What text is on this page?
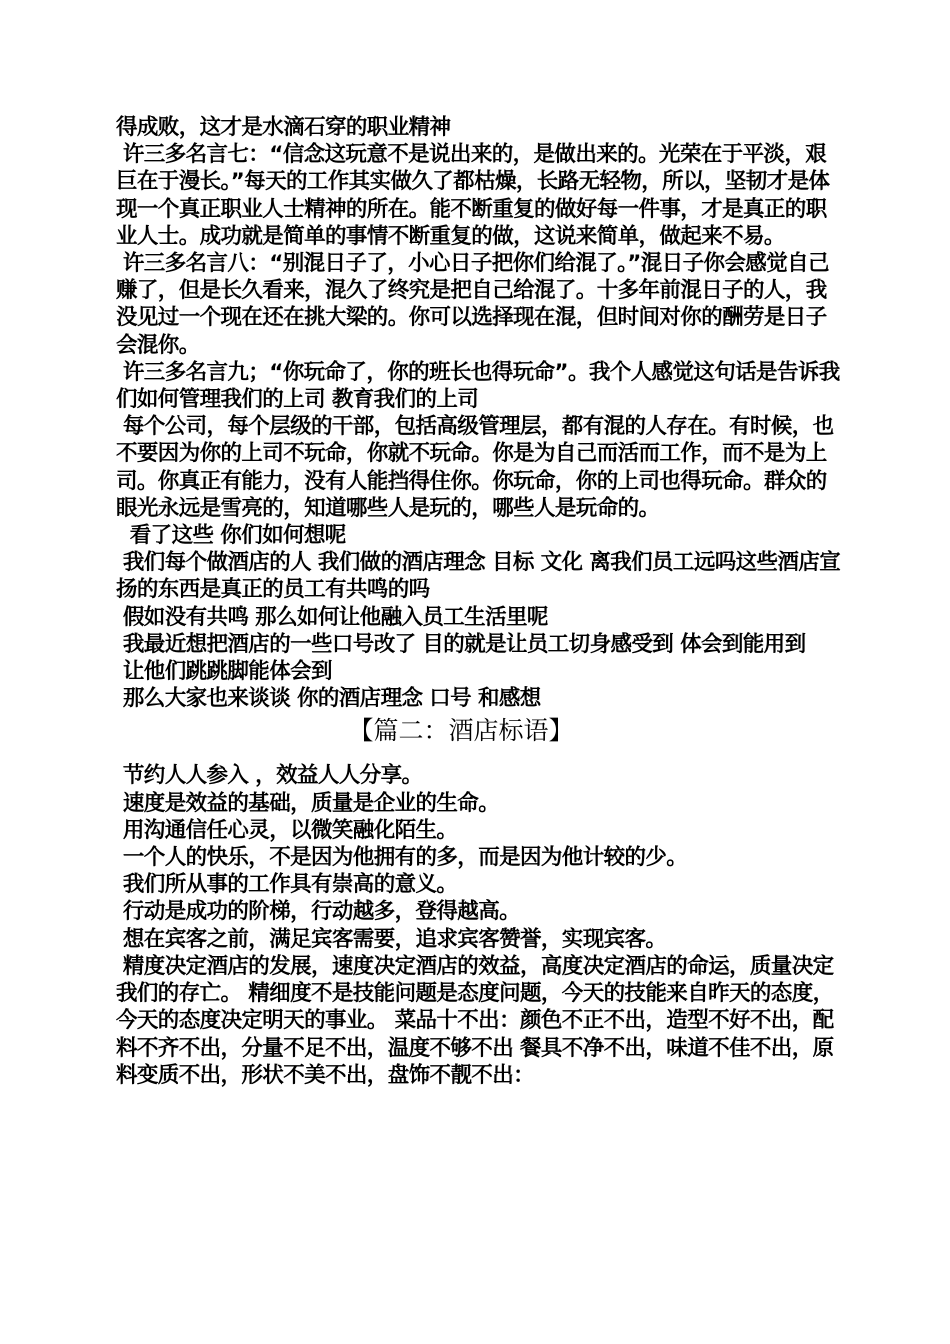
得成败，这才是水滴石穿的职业精神

许三多名言七：“信念这玩意不是说出来的，是做出来的。光荣在于平淡，艰巨在于漫长。”每天的工作其实做久了都枯燥，长路无轻物，所以，坚韧才是体现一个真正职业人士精神的所在。能不断重复的做好每一件事，才是真正的职业人士。成功就是简单的事情不断重复的做，这说来简单，做起来不易。

许三多名言八：“别混日子了，小心日子把你们给混了。”混日子你会感觉自己赚了，但是长久看来，混久了终究是把自己给混了。十多年前混日子的人，我没见过一个现在还在挑大梁的。你可以选择现在混，但时间对你的酬劳是日子会混你。

许三多名言九；“你玩命了，你的班长也得玩命”。我个人感觉这句话是告诉我们如何管理我们的上司 教育我们的上司

每个公司，每个层级的干部，包括高级管理层，都有混的人存在。有时候，也不要因为你的上司不玩命，你就不玩命。你是为自己而活而工作，而不是为上司。你真正有能力，没有人能挡得住你。你玩命，你的上司也得玩命。群众的眼光永远是雪亮的，知道哪些人是玩的，哪些人是玩命的。

看了这些 你们如何想呢

我们每个做酒店的人 我们做的酒店理念 目标 文化 离我们员工远吗这些酒店宣扬的东西是真正的员工有共鸣的吗

假如没有共鸣 那么如何让他融入员工生活里呢

我最近想把酒店的一些口号改了 目的就是让员工切身感受到 体会到能用到

让他们跳跳脚能体会到

那么大家也来谈谈 你的酒店理念 口号 和感想

【篇二：酒店标语】

节约人人参入 ，效益人人分享。

速度是效益的基础，质量是企业的生命。

用沟通信任心灵，以微笑融化陌生。

一个人的快乐，不是因为他拥有的多，而是因为他计较的少。

我们所从事的工作具有崇高的意义。

行动是成功的阶梯，行动越多，登得越高。

想在宾客之前，满足宾客需要，追求宾客赞誉，实现宾客。

精度决定酒店的发展，速度决定酒店的效益，高度决定酒店的命运，质量决定我们的存亡。 精细度不是技能问题是态度问题，今天的技能来自昨天的态度，今天的态度决定明天的事业。 菜品十不出：颜色不正不出，造型不好不出，配料不齐不出，分量不足不出，温度不够不出 餐具不净不出，味道不佳不出，原料变质不出，形状不美不出，盘饰不靓不出：
